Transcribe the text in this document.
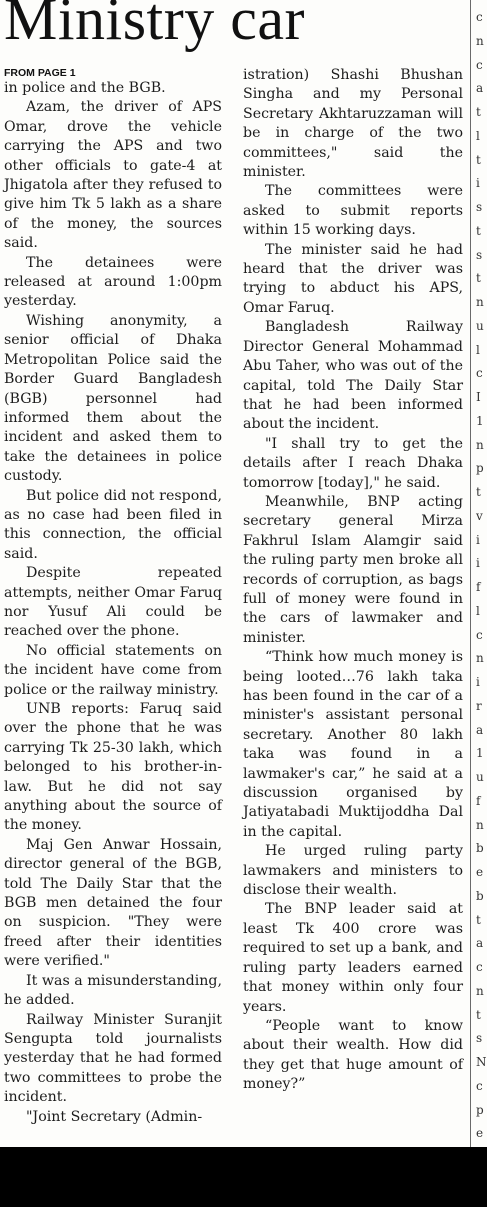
Ministry car
FROM PAGE 1

in police and the BGB.

Azam, the driver of APS Omar, drove the vehicle carrying the APS and two other officials to gate-4 at Jhigatola after they refused to give him Tk 5 lakh as a share of the money, the sources said.

The detainees were released at around 1:00pm yesterday.

Wishing anonymity, a senior official of Dhaka Metropolitan Police said the Border Guard Bangladesh (BGB) personnel had informed them about the incident and asked them to take the detainees in police custody.

But police did not respond, as no case had been filed in this connection, the official said.

Despite repeated attempts, neither Omar Faruq nor Yusuf Ali could be reached over the phone.

No official statements on the incident have come from police or the railway ministry.

UNB reports: Faruq said over the phone that he was carrying Tk 25-30 lakh, which belonged to his brother-in-law. But he did not say anything about the source of the money.

Maj Gen Anwar Hossain, director general of the BGB, told The Daily Star that the BGB men detained the four on suspicion. "They were freed after their identities were verified."

It was a misunderstanding, he added.

Railway Minister Suranjit Sengupta told journalists yesterday that he had formed two committees to probe the incident.

"Joint Secretary (Admin-

istration) Shashi Bhushan Singha and my Personal Secretary Akhtaruzzaman will be in charge of the two committees," said the minister.

The committees were asked to submit reports within 15 working days.

The minister said he had heard that the driver was trying to abduct his APS, Omar Faruq.

Bangladesh Railway Director General Mohammad Abu Taher, who was out of the capital, told The Daily Star that he had been informed about the incident.

"I shall try to get the details after I reach Dhaka tomorrow [today]," he said.

Meanwhile, BNP acting secretary general Mirza Fakhrul Islam Alamgir said the ruling party men broke all records of corruption, as bags full of money were found in the cars of lawmaker and minister.

“Think how much money is being looted…76 lakh taka has been found in the car of a minister's assistant personal secretary. Another 80 lakh taka was found in a lawmaker's car,” he said at a discussion organised by Jatiyatabadi Muktijoddha Dal in the capital.

He urged ruling party lawmakers and ministers to disclose their wealth.

The BNP leader said at least Tk 400 crore was required to set up a bank, and ruling party leaders earned that money within only four years.

“People want to know about their wealth. How did they get that huge amount of money?”

c
n
c
a
t
l
t
i
s
t
s
t
n
u
l
c
I
1
n
p
t
v
i
i
f
l
c
n
i
r
a
1
u
f
n
b
e
b
t
a
c
n
t
s
N
c
p
e
